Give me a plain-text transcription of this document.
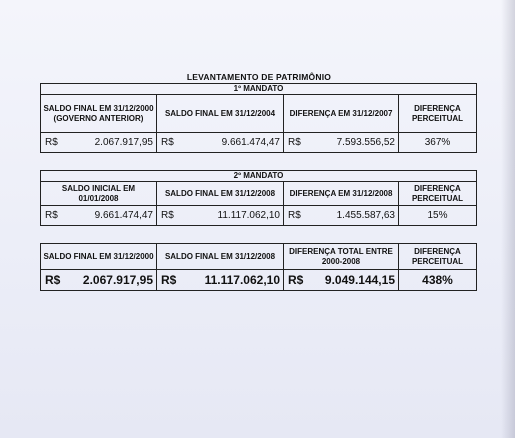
LEVANTAMENTO DE PATRIMÔNIO
1º MANDATO			
SALDO FINAL EM 31/12/2000 (GOVERNO ANTERIOR)	SALDO FINAL EM 31/12/2004	DIFERENÇA EM 31/12/2007	DIFERENÇA PERCEITUAL

R$ 2.067.917,95	R$ 9.661.474,47	R$ 7.593.556,52	367%
2º MANDATO			
SALDO INICIAL EM 01/01/2008	SALDO FINAL EM 31/12/2008	DIFERENÇA EM 31/12/2008	DIFERENÇA PERCEITUAL

R$ 9.661.474,47	R$ 11.117.062,10	R$ 1.455.587,63	15%
SALDO FINAL EM 31/12/2000	SALDO FINAL EM 31/12/2008	DIFERENÇA TOTAL ENTRE 2000-2008	DIFERENÇA PERCEITUAL

R$ 2.067.917,95	R$ 11.117.062,10	R$ 9.049.144,15	438%
